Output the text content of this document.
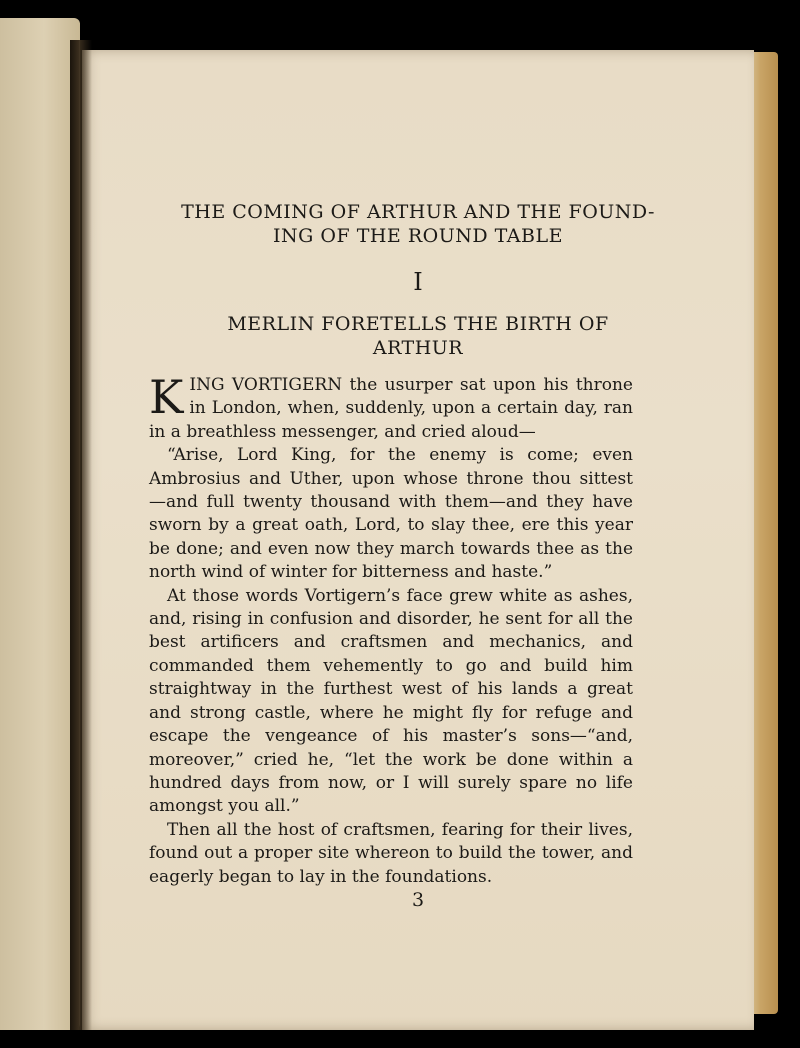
THE COMING OF ARTHUR AND THE FOUND-
ING OF THE ROUND TABLE
I
MERLIN FORETELLS THE BIRTH OF
ARTHUR

KING VORTIGERN the usurper sat upon his throne in London, when, suddenly, upon a certain day, ran in a breathless messenger, and cried aloud—

“Arise, Lord King, for the enemy is come; even Ambrosius and Uther, upon whose throne thou sittest —and full twenty thousand with them—and they have sworn by a great oath, Lord, to slay thee, ere this year be done; and even now they march towards thee as the north wind of winter for bitterness and haste.”

At those words Vortigern’s face grew white as ashes, and, rising in confusion and disorder, he sent for all the best artificers and craftsmen and mechanics, and commanded them vehemently to go and build him straightway in the furthest west of his lands a great and strong castle, where he might fly for refuge and escape the vengeance of his master’s sons—“and, moreover,” cried he, “let the work be done within a hundred days from now, or I will surely spare no life amongst you all.”

Then all the host of craftsmen, fearing for their lives, found out a proper site whereon to build the tower, and eagerly began to lay in the foundations.

3
